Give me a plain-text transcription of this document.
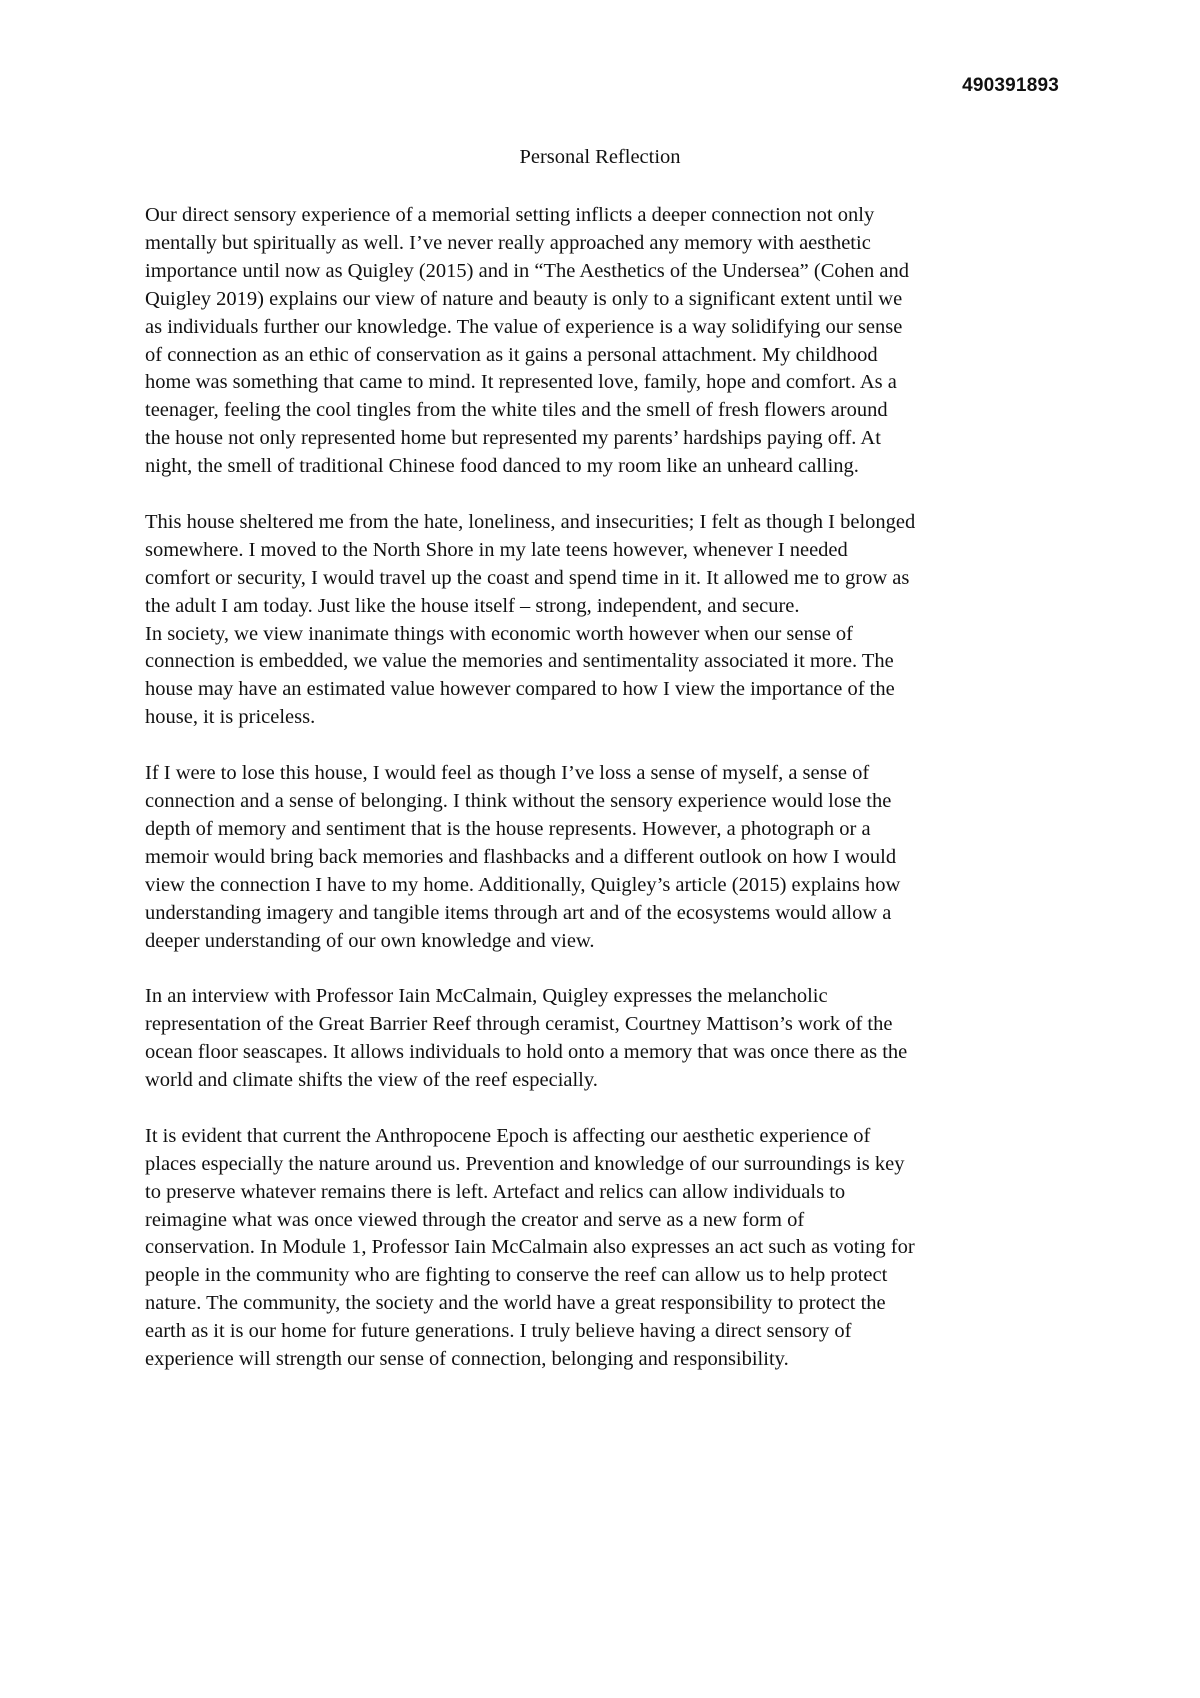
490391893
Personal Reflection

Our direct sensory experience of a memorial setting inflicts a deeper connection not only
mentally but spiritually as well. I’ve never really approached any memory with aesthetic
importance until now as Quigley (2015) and in “The Aesthetics of the Undersea” (Cohen and
Quigley 2019) explains our view of nature and beauty is only to a significant extent until we
as individuals further our knowledge. The value of experience is a way solidifying our sense
of connection as an ethic of conservation as it gains a personal attachment. My childhood
home was something that came to mind. It represented love, family, hope and comfort. As a
teenager, feeling the cool tingles from the white tiles and the smell of fresh flowers around
the house not only represented home but represented my parents’ hardships paying off. At
night, the smell of traditional Chinese food danced to my room like an unheard calling.

This house sheltered me from the hate, loneliness, and insecurities; I felt as though I belonged
somewhere. I moved to the North Shore in my late teens however, whenever I needed
comfort or security, I would travel up the coast and spend time in it. It allowed me to grow as
the adult I am today. Just like the house itself – strong, independent, and secure.

In society, we view inanimate things with economic worth however when our sense of
connection is embedded, we value the memories and sentimentality associated it more. The
house may have an estimated value however compared to how I view the importance of the
house, it is priceless.

If I were to lose this house, I would feel as though I’ve loss a sense of myself, a sense of
connection and a sense of belonging. I think without the sensory experience would lose the
depth of memory and sentiment that is the house represents. However, a photograph or a
memoir would bring back memories and flashbacks and a different outlook on how I would
view the connection I have to my home. Additionally, Quigley’s article (2015) explains how
understanding imagery and tangible items through art and of the ecosystems would allow a
deeper understanding of our own knowledge and view.

In an interview with Professor Iain McCalmain, Quigley expresses the melancholic
representation of the Great Barrier Reef through ceramist, Courtney Mattison’s work of the
ocean floor seascapes. It allows individuals to hold onto a memory that was once there as the
world and climate shifts the view of the reef especially.

It is evident that current the Anthropocene Epoch is affecting our aesthetic experience of
places especially the nature around us. Prevention and knowledge of our surroundings is key
to preserve whatever remains there is left. Artefact and relics can allow individuals to
reimagine what was once viewed through the creator and serve as a new form of
conservation. In Module 1, Professor Iain McCalmain also expresses an act such as voting for
people in the community who are fighting to conserve the reef can allow us to help protect
nature. The community, the society and the world have a great responsibility to protect the
earth as it is our home for future generations. I truly believe having a direct sensory of
experience will strength our sense of connection, belonging and responsibility.
